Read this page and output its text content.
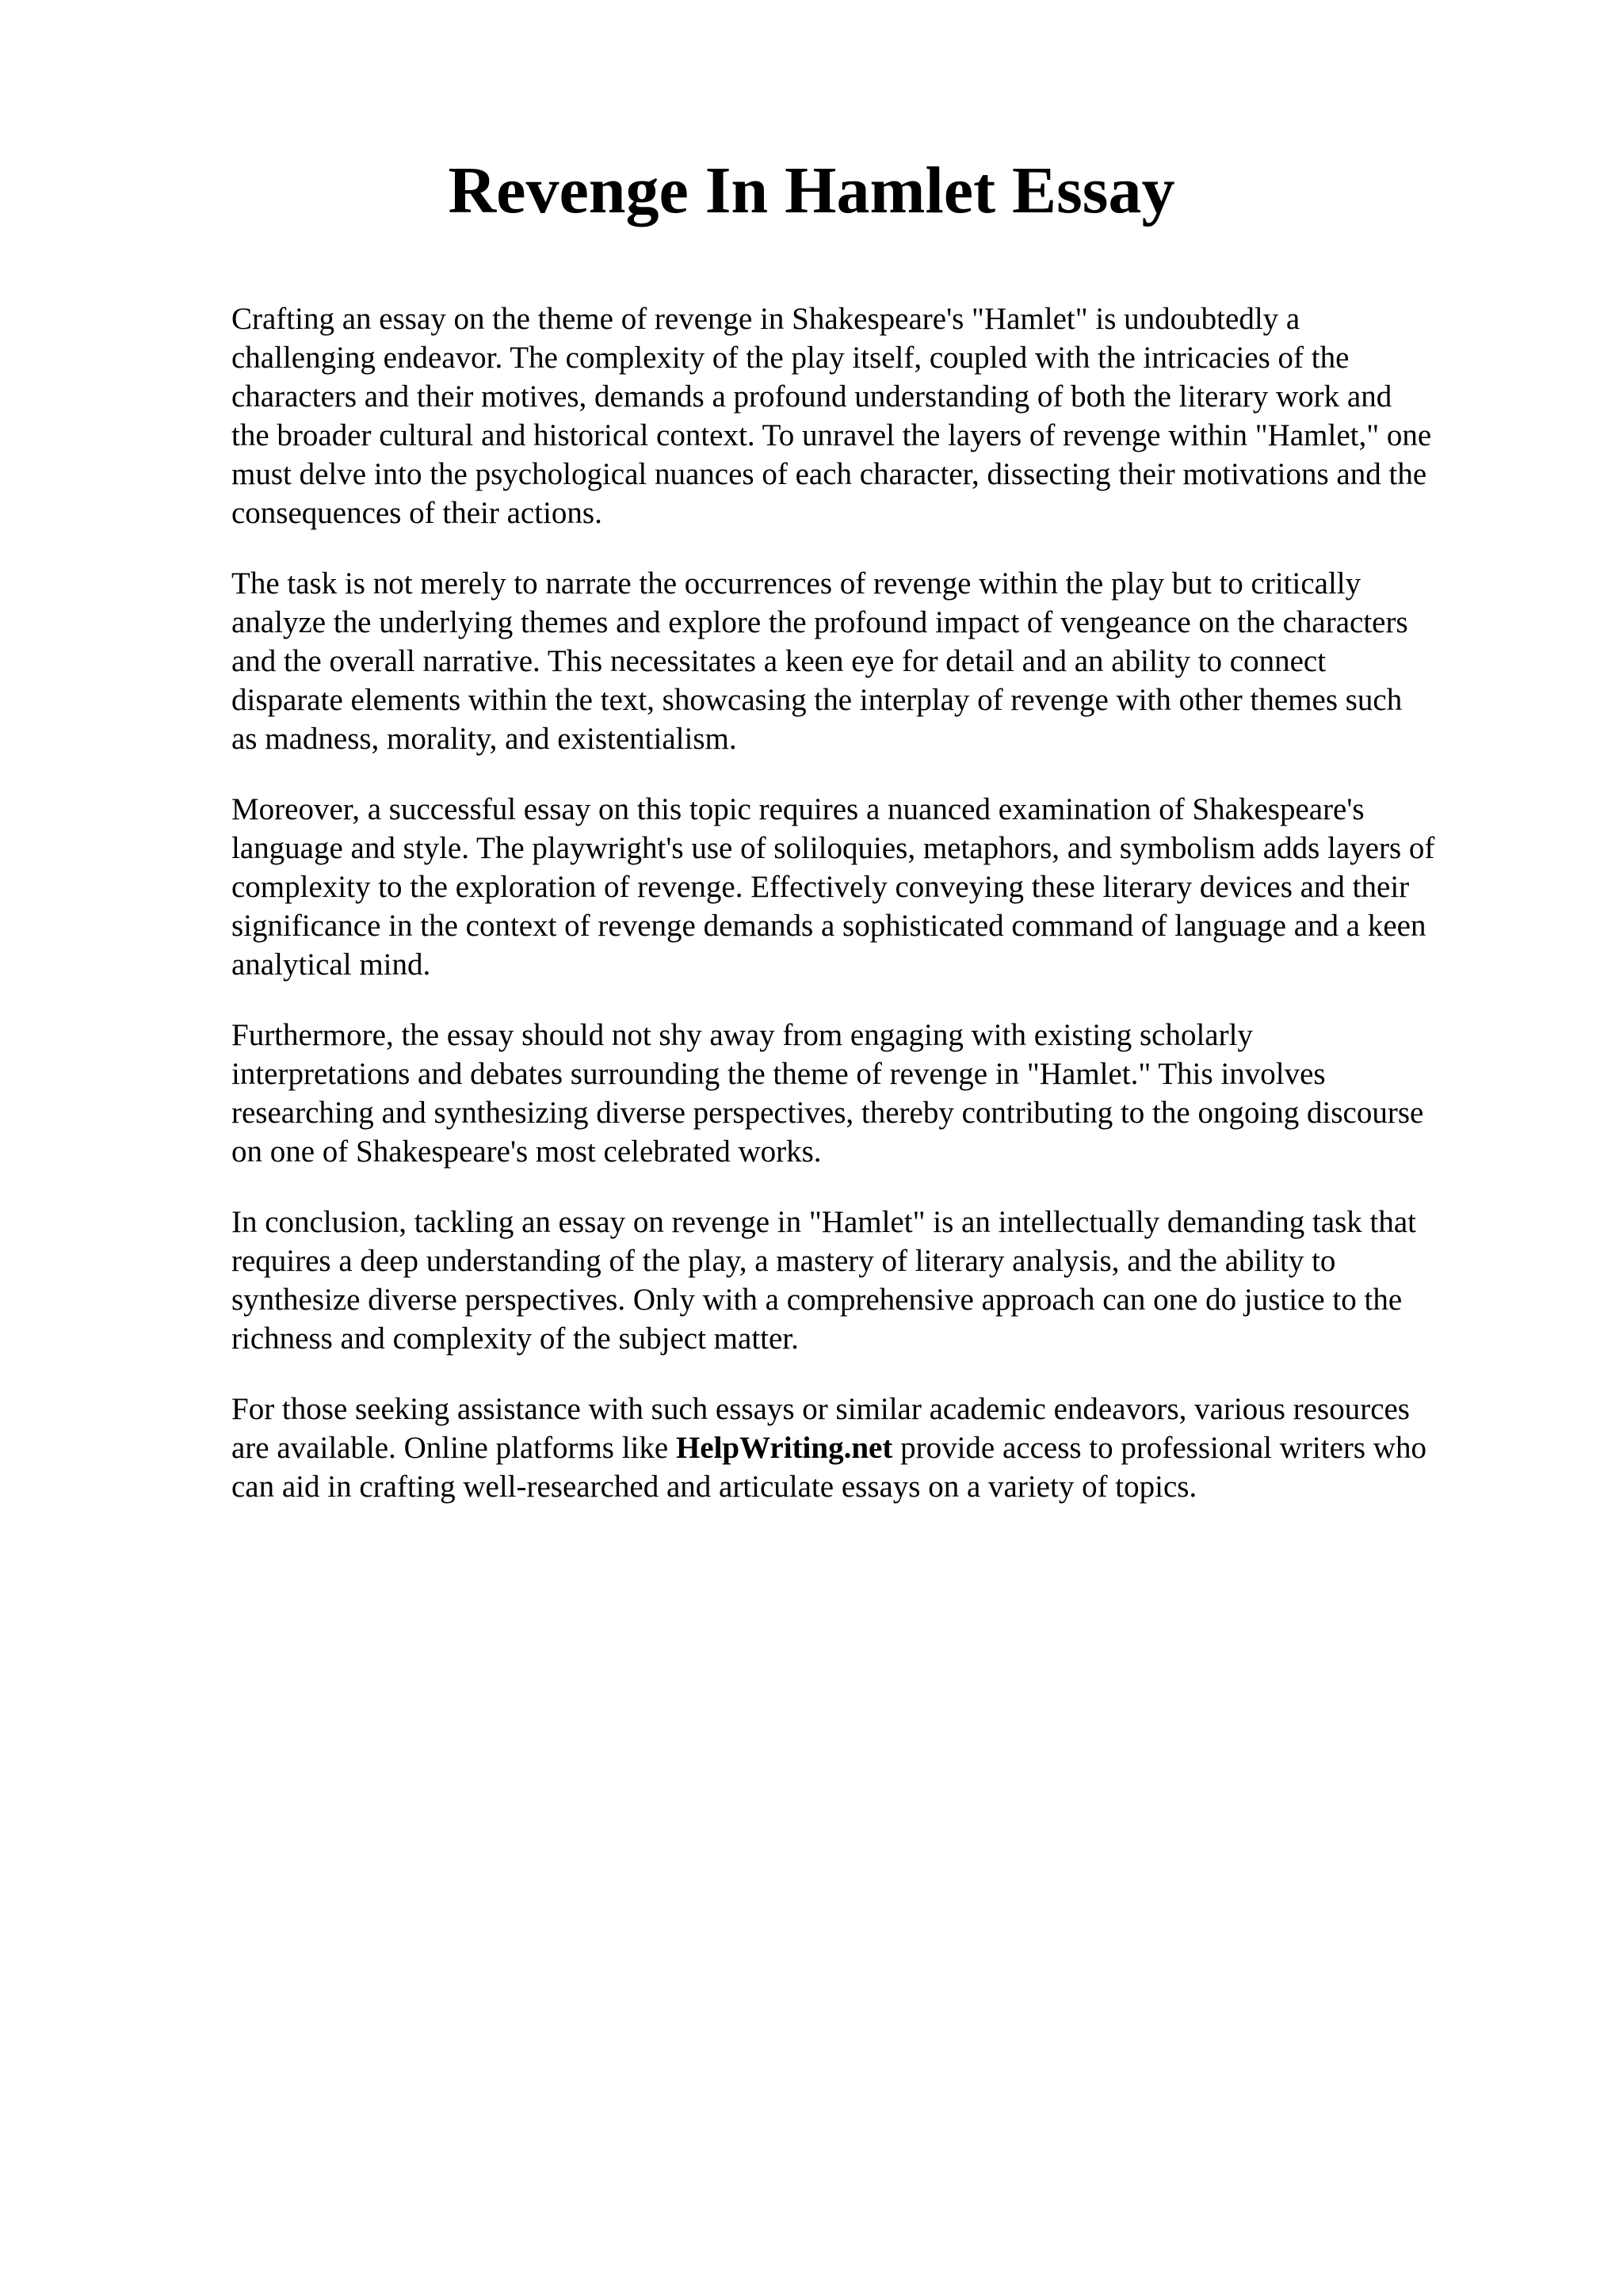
Revenge In Hamlet Essay

Crafting an essay on the theme of revenge in Shakespeare's "Hamlet" is undoubtedly a
challenging endeavor. The complexity of the play itself, coupled with the intricacies of the
characters and their motives, demands a profound understanding of both the literary work and
the broader cultural and historical context. To unravel the layers of revenge within "Hamlet," one
must delve into the psychological nuances of each character, dissecting their motivations and the
consequences of their actions.

The task is not merely to narrate the occurrences of revenge within the play but to critically
analyze the underlying themes and explore the profound impact of vengeance on the characters
and the overall narrative. This necessitates a keen eye for detail and an ability to connect
disparate elements within the text, showcasing the interplay of revenge with other themes such
as madness, morality, and existentialism.

Moreover, a successful essay on this topic requires a nuanced examination of Shakespeare's
language and style. The playwright's use of soliloquies, metaphors, and symbolism adds layers of
complexity to the exploration of revenge. Effectively conveying these literary devices and their
significance in the context of revenge demands a sophisticated command of language and a keen
analytical mind.

Furthermore, the essay should not shy away from engaging with existing scholarly
interpretations and debates surrounding the theme of revenge in "Hamlet." This involves
researching and synthesizing diverse perspectives, thereby contributing to the ongoing discourse
on one of Shakespeare's most celebrated works.

In conclusion, tackling an essay on revenge in "Hamlet" is an intellectually demanding task that
requires a deep understanding of the play, a mastery of literary analysis, and the ability to
synthesize diverse perspectives. Only with a comprehensive approach can one do justice to the
richness and complexity of the subject matter.

For those seeking assistance with such essays or similar academic endeavors, various resources
are available. Online platforms like HelpWriting.net provide access to professional writers who
can aid in crafting well-researched and articulate essays on a variety of topics.
